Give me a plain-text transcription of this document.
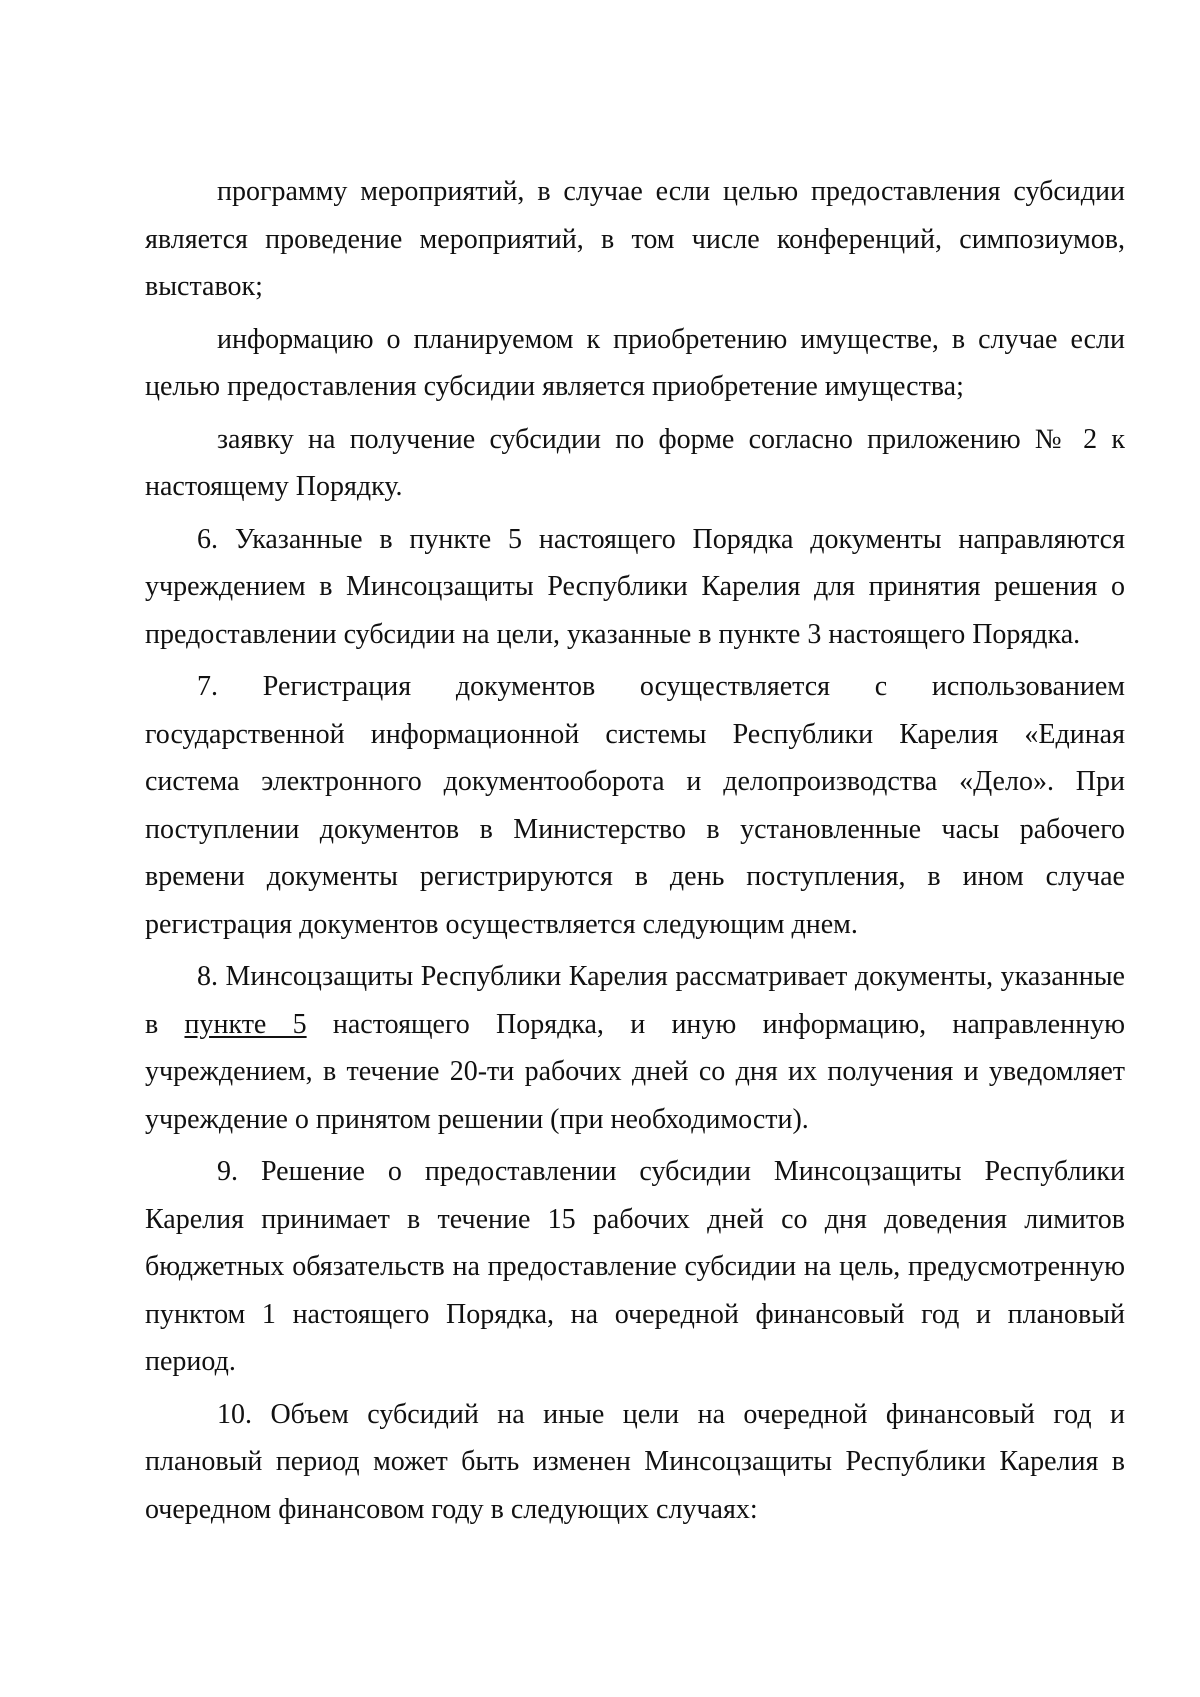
программу мероприятий, в случае если целью предоставления субсидии является проведение мероприятий, в том числе конференций, симпозиумов, выставок;

информацию о планируемом к приобретению имуществе, в случае если целью предоставления субсидии является приобретение имущества;

заявку на получение субсидии по форме согласно приложению № 2 к настоящему Порядку.

6. Указанные в пункте 5 настоящего Порядка документы направляются учреждением в Минсоцзащиты Республики Карелия для принятия решения о предоставлении субсидии на цели, указанные в пункте 3 настоящего Порядка.

7. Регистрация документов осуществляется с использованием государственной информационной системы Республики Карелия «Единая система электронного документооборота и делопроизводства «Дело». При поступлении документов в Министерство в установленные часы рабочего времени документы регистрируются в день поступления, в ином случае регистрация документов осуществляется следующим днем.

8. Минсоцзащиты Республики Карелия рассматривает документы, указанные в пункте 5 настоящего Порядка, и иную информацию, направленную учреждением, в течение 20-ти рабочих дней со дня их получения и уведомляет учреждение о принятом решении (при необходимости).

9. Решение о предоставлении субсидии Минсоцзащиты Республики Карелия принимает в течение 15 рабочих дней со дня доведения лимитов бюджетных обязательств на предоставление субсидии на цель, предусмотренную пунктом 1 настоящего Порядка, на очередной финансовый год и плановый период.

10. Объем субсидий на иные цели на очередной финансовый год и плановый период может быть изменен Минсоцзащиты Республики Карелия в очередном финансовом году в следующих случаях:
